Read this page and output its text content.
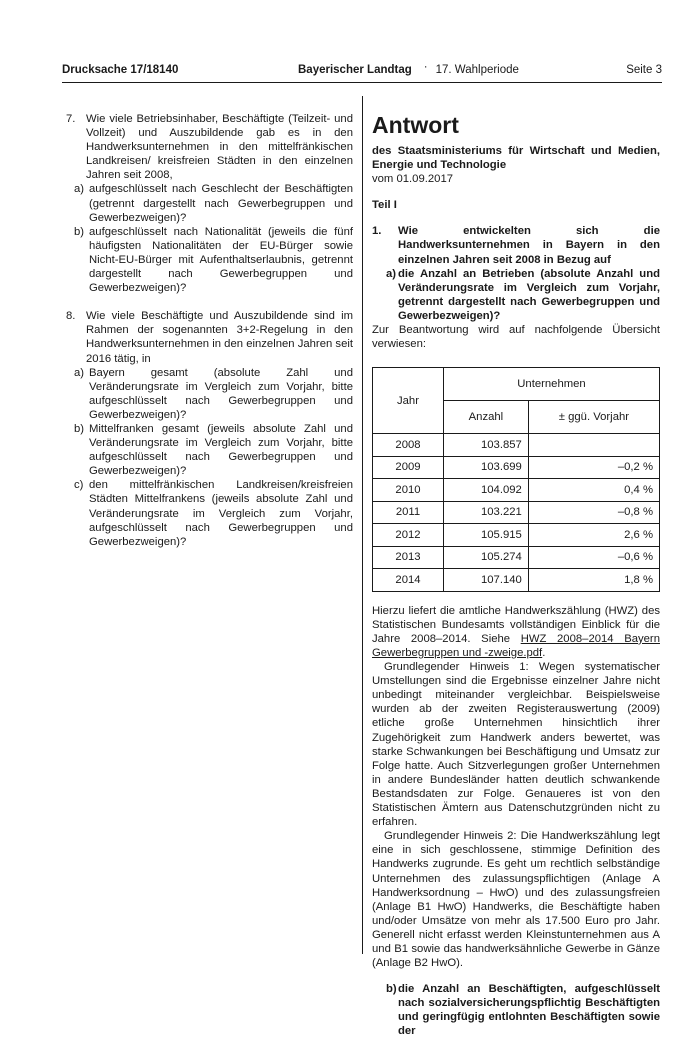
Drucksache 17/18140	Bayerischer Landtag · 17. Wahlperiode	Seite 3
7. Wie viele Betriebsinhaber, Beschäftigte (Teilzeit- und Vollzeit) und Auszubildende gab es in den Handwerksunternehmen in den mittelfränkischen Landkreisen/ kreisfreien Städten in den einzelnen Jahren seit 2008,
a) aufgeschlüsselt nach Geschlecht der Beschäftigten (getrennt dargestellt nach Gewerbegruppen und Gewerbezweigen)?
b) aufgeschlüsselt nach Nationalität (jeweils die fünf häufigsten Nationalitäten der EU-Bürger sowie Nicht-EU-Bürger mit Aufenthaltserlaubnis, getrennt dargestellt nach Gewerbegruppen und Gewerbezweigen)?
8. Wie viele Beschäftigte und Auszubildende sind im Rahmen der sogenannten 3+2-Regelung in den Handwerksunternehmen in den einzelnen Jahren seit 2016 tätig, in
a) Bayern gesamt (absolute Zahl und Veränderungsrate im Vergleich zum Vorjahr, bitte aufgeschlüsselt nach Gewerbegruppen und Gewerbezweigen)?
b) Mittelfranken gesamt (jeweils absolute Zahl und Veränderungsrate im Vergleich zum Vorjahr, bitte aufgeschlüsselt nach Gewerbegruppen und Gewerbezweigen)?
c) den mittelfränkischen Landkreisen/kreisfreien Städten Mittelfrankens (jeweils absolute Zahl und Veränderungsrate im Vergleich zum Vorjahr, aufgeschlüsselt nach Gewerbegruppen und Gewerbezweigen)?
Antwort
des Staatsministeriums für Wirtschaft und Medien, Energie und Technologie
vom 01.09.2017
Teil I
1. Wie entwickelten sich die Handwerksunternehmen in Bayern in den einzelnen Jahren seit 2008 in Bezug auf
a) die Anzahl an Betrieben (absolute Anzahl und Veränderungsrate im Vergleich zum Vorjahr, getrennt dargestellt nach Gewerbegruppen und Gewerbezweigen)?
Zur Beantwortung wird auf nachfolgende Übersicht verwiesen:
Jahr	Unternehmen	
	Anzahl	± ggü. Vorjahr
2008	103.857	
2009	103.699	–0,2 %
2010	104.092	0,4 %
2011	103.221	–0,8 %
2012	105.915	2,6 %
2013	105.274	–0,6 %
2014	107.140	1,8 %
Hierzu liefert die amtliche Handwerkszählung (HWZ) des Statistischen Bundesamts vollständigen Einblick für die Jahre 2008–2014. Siehe HWZ 2008–2014 Bayern Gewerbegruppen und -zweige.pdf.
Grundlegender Hinweis 1: Wegen systematischer Umstellungen sind die Ergebnisse einzelner Jahre nicht unbedingt miteinander vergleichbar. Beispielsweise wurden ab der zweiten Registerauswertung (2009) etliche große Unternehmen hinsichtlich ihrer Zugehörigkeit zum Handwerk anders bewertet, was starke Schwankungen bei Beschäftigung und Umsatz zur Folge hatte. Auch Sitzverlegungen großer Unternehmen in andere Bundesländer hatten deutlich schwankende Bestandsdaten zur Folge. Genaueres ist von den Statistischen Ämtern aus Datenschutzgründen nicht zu erfahren.
Grundlegender Hinweis 2: Die Handwerkszählung legt eine in sich geschlossene, stimmige Definition des Handwerks zugrunde. Es geht um rechtlich selbständige Unternehmen des zulassungspflichtigen (Anlage A Handwerksordnung – HwO) und des zulassungsfreien (Anlage B1 HwO) Handwerks, die Beschäftigte haben und/oder Umsätze von mehr als 17.500 Euro pro Jahr. Generell nicht erfasst werden Kleinstunternehmen aus A und B1 sowie das handwerksähnliche Gewerbe in Gänze (Anlage B2 HwO).
b) die Anzahl an Beschäftigten, aufgeschlüsselt nach sozialversicherungspflichtig Beschäftigten und geringfügig entlohnten Beschäftigten sowie der
